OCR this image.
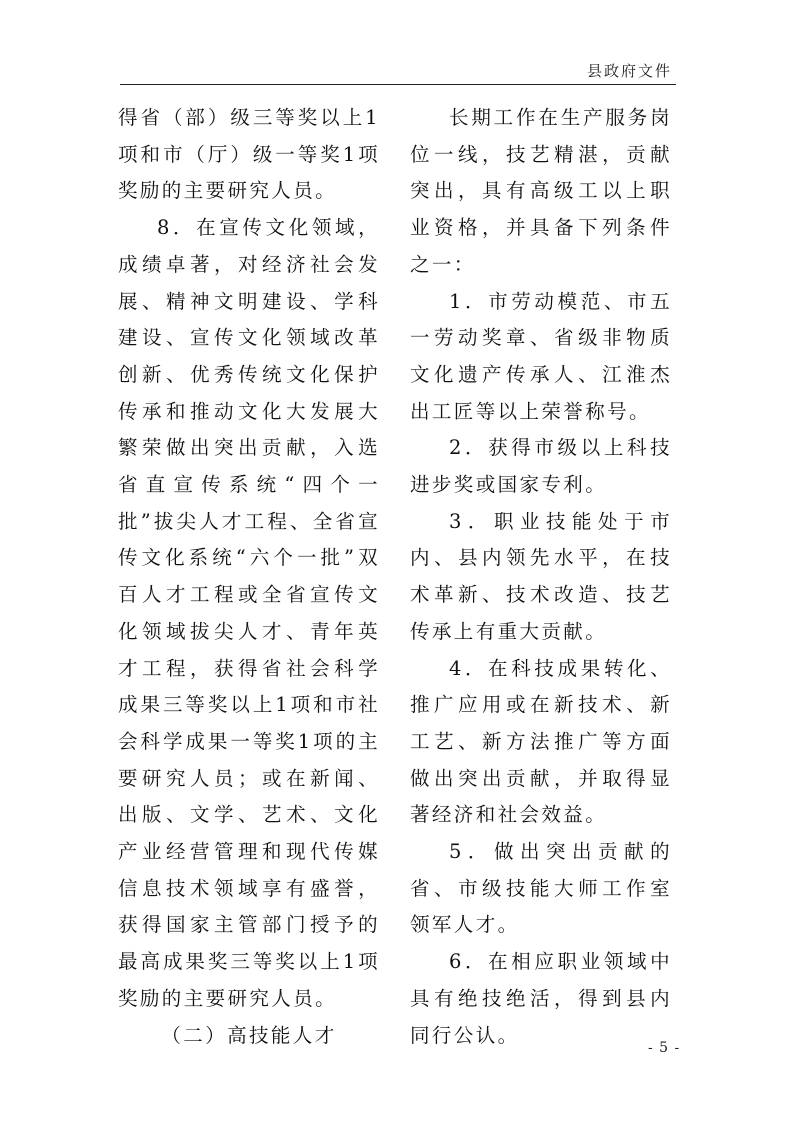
县政府文件

得省（部）级三等奖以上1项和市（厅）级一等奖1项奖励的主要研究人员。

8．在宣传文化领域，成绩卓著，对经济社会发展、精神文明建设、学科建设、宣传文化领域改革创新、优秀传统文化保护传承和推动文化大发展大繁荣做出突出贡献，入选省直宣传系统“四个一批”拔尖人才工程、全省宣传文化系统“六个一批”双百人才工程或全省宣传文化领域拔尖人才、青年英才工程，获得省社会科学成果三等奖以上1项和市社会科学成果一等奖1项的主要研究人员；或在新闻、出版、文学、艺术、文化产业经营管理和现代传媒信息技术领域享有盛誉，获得国家主管部门授予的最高成果奖三等奖以上1项奖励的主要研究人员。

（二）高技能人才

长期工作在生产服务岗位一线，技艺精湛，贡献突出，具有高级工以上职业资格，并具备下列条件之一：

1．市劳动模范、市五一劳动奖章、省级非物质文化遗产传承人、江淮杰出工匠等以上荣誉称号。

2．获得市级以上科技进步奖或国家专利。

3．职业技能处于市内、县内领先水平，在技术革新、技术改造、技艺传承上有重大贡献。

4．在科技成果转化、推广应用或在新技术、新工艺、新方法推广等方面做出突出贡献，并取得显著经济和社会效益。

5．做出突出贡献的省、市级技能大师工作室领军人才。

6．在相应职业领域中具有绝技绝活，得到县内同行公认。

- 5 -
